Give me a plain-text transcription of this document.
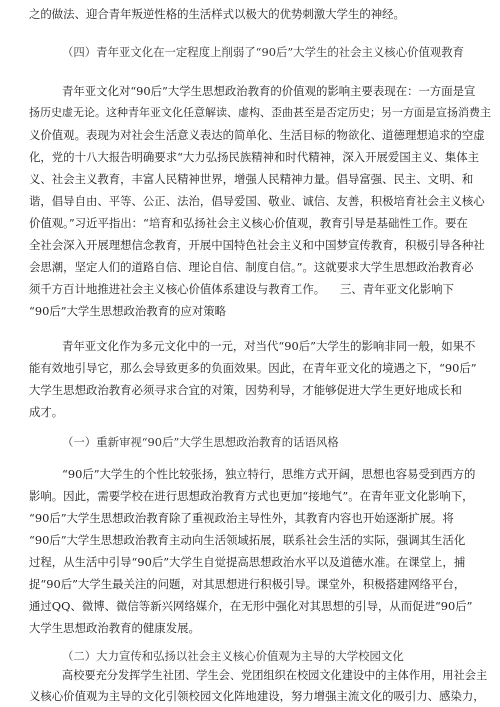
之的做法、迎合青年叛逆性格的生活样式以极大的优势刺激大学生的神经。
（四）青年亚文化在一定程度上削弱了“90后”大学生的社会主义核心价值观教育
青年亚文化对“90后”大学生思想政治教育的价值观的影响主要表现在：一方面是宣
扬历史虚无论。这种青年亚文化任意解读、虚构、歪曲甚至是否定历史；另一方面是宣扬消费主
义价值观。表现为对社会生活意义表达的简单化、生活目标的物欲化、道德理想追求的空虚
化，党的十八大报告明确要求“大力弘扬民族精神和时代精神，深入开展爱国主义、集体主
义、社会主义教育，丰富人民精神世界，增强人民精神力量。倡导富强、民主、文明、和
谐，倡导自由、平等、公正、法治，倡导爱国、敬业、诚信、友善，积极培育社会主义核心
价值观。”习近平指出：“培育和弘扬社会主义核心价值观，教育引导是基础性工作。要在
全社会深入开展理想信念教育，开展中国特色社会主义和中国梦宣传教育，积极引导各种社
会思潮，坚定人们的道路自信、理论自信、制度自信。”。这就要求大学生思想政治教育必
须千方百计地推进社会主义核心价值体系建设与教育工作。 三、青年亚文化影响下
“90后”大学生思想政治教育的应对策略
青年亚文化作为多元文化中的一元，对当代“90后”大学生的影响非同一般，如果不
能有效地引导它，那么会导致更多的负面效果。因此，在青年亚文化的境遇之下，“90后”
大学生思想政治教育必须寻求合宜的对策，因势利导，才能够促进大学生更好地成长和
成才。
（一）重新审视“90后”大学生思想政治教育的话语风格
“90后”大学生的个性比较张扬，独立特行，思维方式开阔，思想也容易受到西方的
影响。因此，需要学校在进行思想政治教育方式也更加“接地气”。在青年亚文化影响下，
“90后”大学生思想政治教育除了重视政治主导性外，其教育内容也开始逐渐扩展。将
“90后”大学生思想政治教育主动向生活领域拓展，联系社会生活的实际，强调其生活化
过程，从生活中引导“90后”大学生自觉提高思想政治水平以及道德水准。在课堂上，捕
捉“90后”大学生最关注的问题，对其思想进行积极引导。课堂外，积极搭建网络平台，
通过QQ、微博、微信等新兴网络媒介，在无形中强化对其思想的引导，从而促进“90后”
大学生思想政治教育的健康发展。
（二）大力宣传和弘扬以社会主义核心价值观为主导的大学校园文化
高校要充分发挥学生社团、学生会、党团组织在校园文化建设中的主体作用，用社会主
义核心价值观为主导的文化引领校园文化阵地建设，努力增强主流文化的吸引力、感染力，
